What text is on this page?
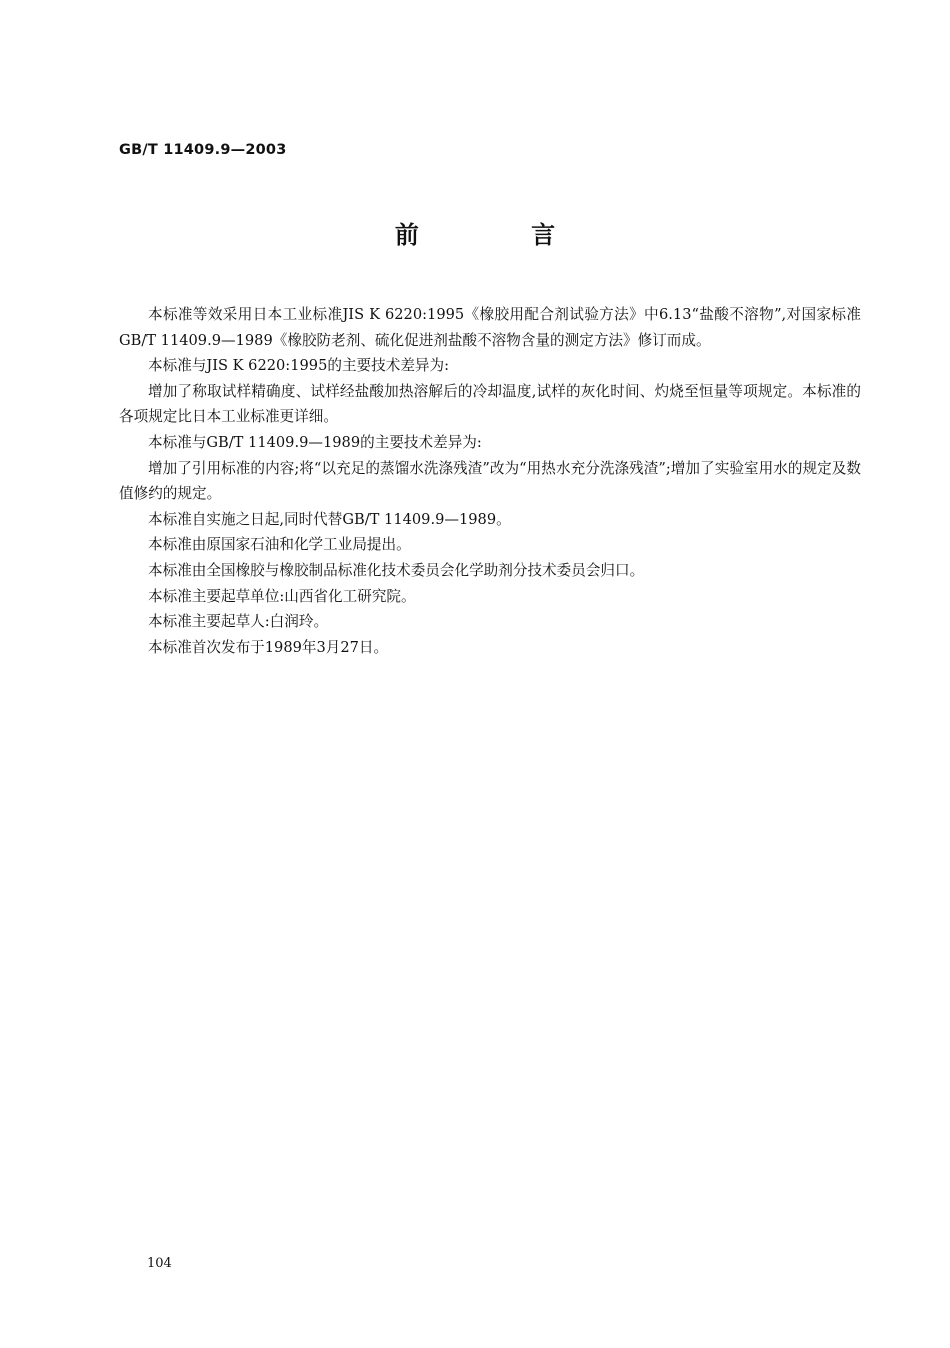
GB/T 11409.9—2003
前 言

本标准等效采用日本工业标准JIS K 6220:1995《橡胶用配合剂试验方法》中6.13“盐酸不溶物”,对国家标准GB/T 11409.9—1989《橡胶防老剂、硫化促进剂盐酸不溶物含量的测定方法》修订而成。

本标准与JIS K 6220:1995的主要技术差异为:

增加了称取试样精确度、试样经盐酸加热溶解后的冷却温度,试样的灰化时间、灼烧至恒量等项规定。本标准的各项规定比日本工业标准更详细。

本标准与GB/T 11409.9—1989的主要技术差异为:

增加了引用标准的内容;将“以充足的蒸馏水洗涤残渣”改为“用热水充分洗涤残渣”;增加了实验室用水的规定及数值修约的规定。

本标准自实施之日起,同时代替GB/T 11409.9—1989。

本标准由原国家石油和化学工业局提出。

本标准由全国橡胶与橡胶制品标准化技术委员会化学助剂分技术委员会归口。

本标准主要起草单位:山西省化工研究院。

本标准主要起草人:白润玲。

本标准首次发布于1989年3月27日。

104
